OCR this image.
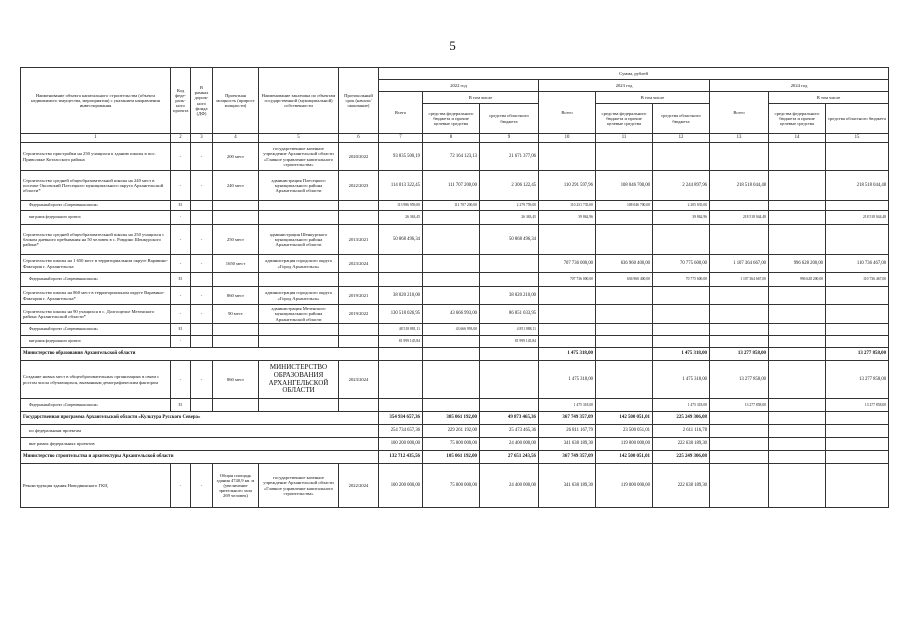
5
Наименование объекта капитального строительства (объекта недвижимого имущества, мероприятия) с указанием направления инвестирования	Код феде-раль-ного проекта	В рамках дорож-ного фонда (ДФ)	Проектная мощность (прирост мощности)	Наименование заказчика по объектам государственной (муниципальной) собственности	Протокольный срок (начало/окончание)	Сумма, рублей								
						2022 год			2023 год			2024 год		
						Всего	В том числе		Всего	В том числе		Всего	В том числе	
							средства федерального бюджета и прочие целевые средства	средства областного бюджета		средства федерального бюджета и прочие целевые средства	средства областного бюджета		средства федерального бюджета и прочие целевые средства	средства областного бюджета
1	2	3	4	5	6	7	8	9	10	11	12	13	14	15
Строительство пристройки на 250 учащихся к зданию школы в пос. Приволжье Котласского района	-	-	200 мест	государственное казенное учреждение Архангельской области «Главное управление капитального строительства»	2020/2022	93 835 500,19	72 164 123,13	21 671 377,06						
Строительство средней общеобразовательной школы на 240 мест в поселке Оксовский Плесецкого муниципального округа Архангельской области*	-	-	240 мест	администрация Плесецкого муниципального района Архангельской области	2022/2023	114 013 322,45	111 707 200,00	2 306 122,45	110 291 597,96	108 046 700,00	2 244 897,96	218 518 044,48		218 518 044,48
Федеральный проект «Современная школа»	E1					113 986 959,00	111 707 200,00	2 279 759,00	110 251 735,00	108 046 700,00	2 205 035,00			
вне рамок федерального проекта	-					26 363,45		26 363,45	39 862,96		39 862,96	218 518 044,48		218 518 044,48
Строительство средней общеобразовательной школы на 250 учащихся с блоком дневного пребывания на 50 человек в с. Ровдино Шенкурского района*	-	-	250 мест	администрация Шенкурского муниципального района Архангельской области	2013/2021	50 868 496,34		50 868 496,34						
Строительство школы на 1 650 мест в территориальном округе Варавино-Фактория г. Архангельска	-	-	1650 мест	администрация городского округа «Город Архангельск»	2023/2024				707 736 000,00	636 960 400,00	70 775 600,00	1 107 364 667,00	996 628 200,00	110 736 467,00
Федеральный проект «Современная школа»	E1								707 736 000,00	636 960 400,00	70 775 600,00	1 107 364 667,00	996 628 200,00	110 736 467,00
Строительство школы на 860 мест в территориальном округе Варавино-Фактория г. Архангельска*	-	-	860 мест	администрация городского округа «Город Архангельск»	2019/2021	38 020 210,00		38 020 210,00						
Строительство школы на 90 учащихся в с. Долгощелье Мезенского района Архангельской области*	-	-	90 мест	администрация Мезенского муниципального района Архангельской области	2019/2022	130 518 026,95	43 666 993,00	86 851 033,95						
Федеральный проект «Современная школа»	E1					48 518 881,11	43 666 993,00	4 851 888,11						
вне рамок федерального проекта	-					81 999 145,84		81 999 145,84						
Министерство образования Архангельской области									1 475 318,00		1 475 318,00	13 277 858,00		13 277 858,00
Создание новых мест в общеобразовательных организациях в связи с ростом числа обучающихся, вызванным демографическим фактором	-	-	860 мест	МИНИСТЕРСТВО ОБРАЗОВАНИЯ АРХАНГЕЛЬСКОЙ ОБЛАСТИ	2023/2024				1 475 318,00		1 475 318,00	13 277 858,00		13 277 858,00
Федеральный проект «Современная школа»	E1								1 475 318,00		1 475 318,00	13 277 858,00		13 277 858,00
Государственная программа Архангельской области «Культура Русского Севера»						354 934 657,36	305 061 192,00	49 873 465,36	367 749 357,09	142 500 051,01	225 249 306,08			
по федеральным проектам						254 734 657,36	229 261 192,00	25 473 465,36	26 811 167,79	23 500 051,01	2 611 116,78			
вне рамок федеральных проектов						100 200 000,00	75 800 000,00	24 400 000,00	341 638 189,30	119 000 000,00	222 638 189,30			
Министерство строительства и архитектуры Архангельской области						132 712 435,56	105 061 192,00	27 651 243,56	367 749 357,09	142 500 051,01	225 249 306,08			
Реконструкция здания Новодвинского ГКЦ	-	-	Общая площадь здания 4740,9 кв. м (увеличение зрительного зала 269 человек)	государственное казенное учреждение Архангельской области «Главное управление капитального строительства»	2022/2024	100 200 000,00	75 800 000,00	24 400 000,00	341 638 189,30	119 000 000,00	222 638 189,30			
